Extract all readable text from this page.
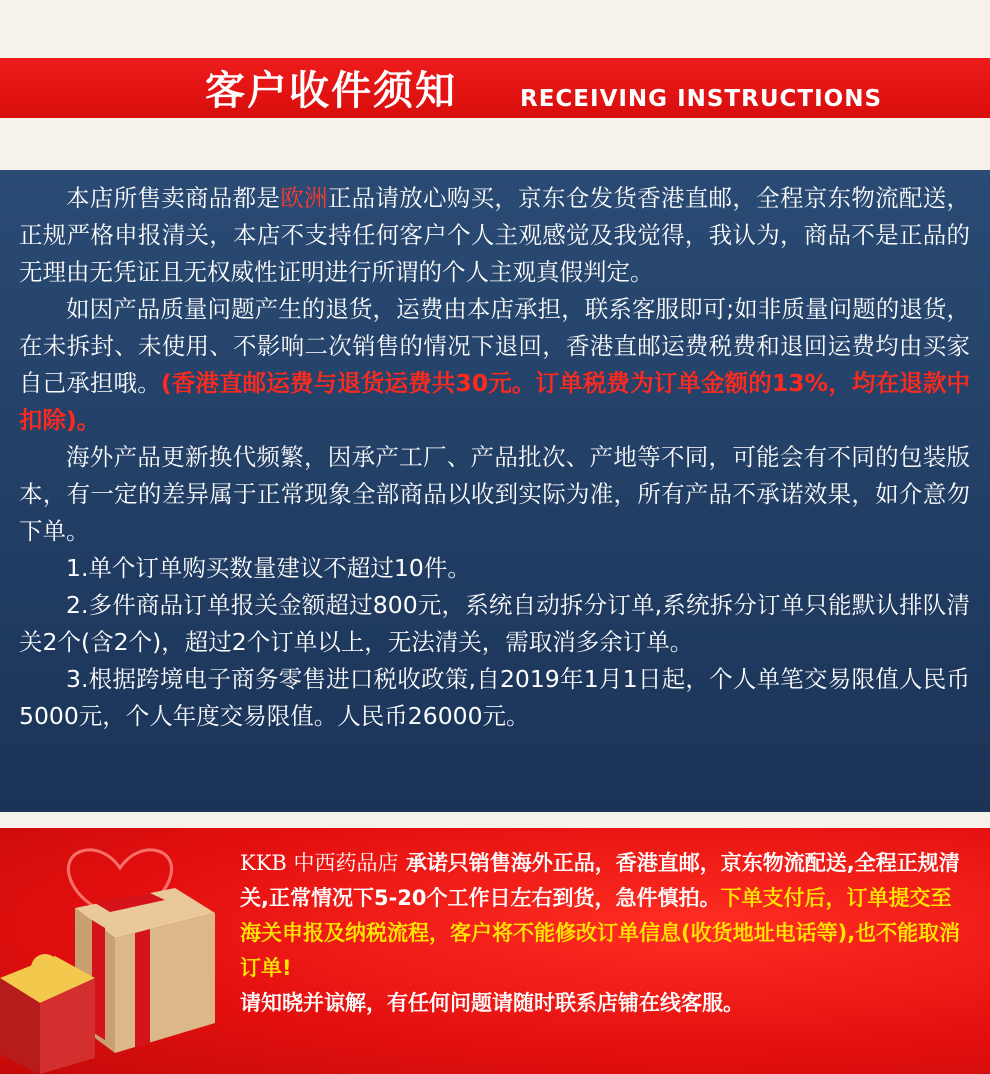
客户收件须知	RECEIVING INSTRUCTIONS

本店所售卖商品都是欧洲正品请放心购买，京东仓发货香港直邮，全程京东物流配送，正规严格申报清关，本店不支持任何客户个人主观感觉及我觉得，我认为，商品不是正品的无理由无凭证且无权威性证明进行所谓的个人主观真假判定。

如因产品质量问题产生的退货，运费由本店承担，联系客服即可;如非质量问题的退货，在未拆封、未使用、不影响二次销售的情况下退回，香港直邮运费税费和退回运费均由买家自己承担哦。(香港直邮运费与退货运费共30元。订单税费为订单金额的13%，均在退款中扣除)。

海外产品更新换代频繁，因承产工厂、产品批次、产地等不同，可能会有不同的包装版本，有一定的差异属于正常现象全部商品以收到实际为准，所有产品不承诺效果，如介意勿下单。

1.单个订单购买数量建议不超过10件。

2.多件商品订单报关金额超过800元，系统自动拆分订单,系统拆分订单只能默认排队清关2个(含2个)，超过2个订单以上，无法清关，需取消多余订单。

3.根据跨境电子商务零售进口税收政策,自2019年1月1日起，个人单笔交易限值人民币5000元，个人年度交易限值。人民币26000元。

KKB 中西药品店 承诺只销售海外正品，香港直邮，京东物流配送,全程正规清关,正常情况下5-20个工作日左右到货，急件慎拍。下单支付后，订单提交至海关申报及纳税流程，客户将不能修改订单信息(收货地址电话等),也不能取消订单!
请知晓并谅解，有任何问题请随时联系店铺在线客服。
